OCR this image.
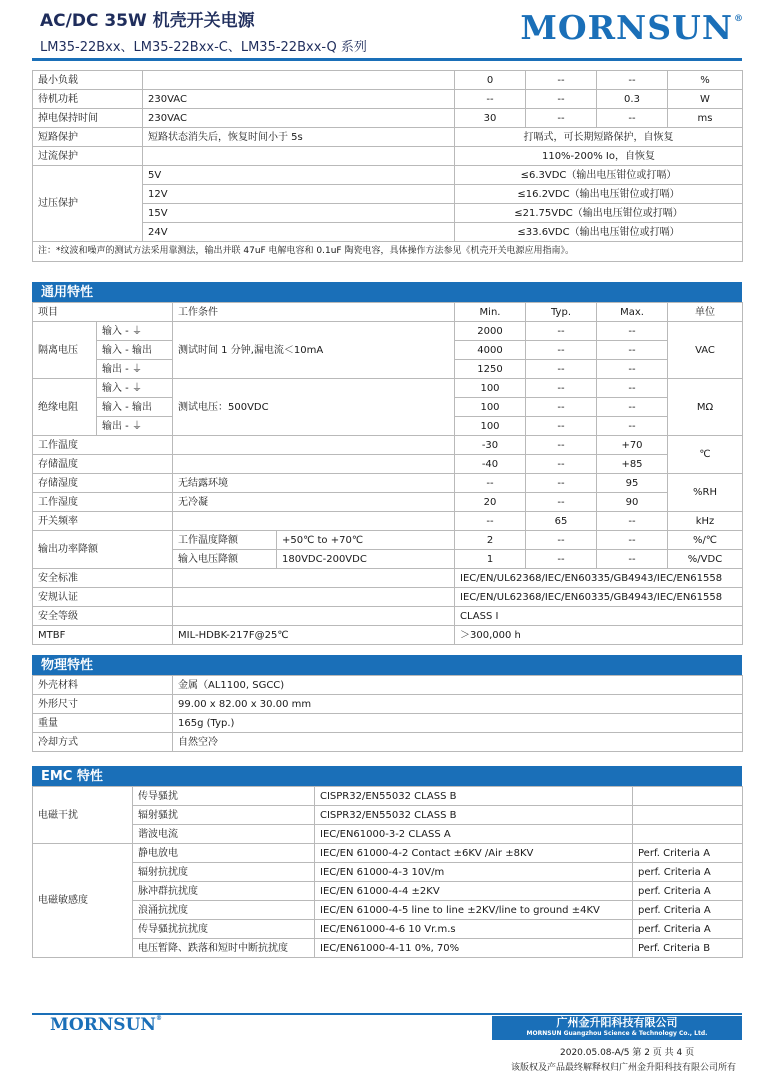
AC/DC 35W 机壳开关电源
LM35-22Bxx、LM35-22Bxx-C、LM35-22Bxx-Q 系列
MORNSUN®
最小负载		0	--	--	%
待机功耗	230VAC	--	--	0.3	W
掉电保持时间	230VAC	30	--	--	ms
短路保护	短路状态消失后，恢复时间小于 5s	打嗝式，可长期短路保护，自恢复			
过流保护		110%-200% Io，自恢复			
过压保护	5V	≤6.3VDC（输出电压钳位或打嗝）			
	12V	≤16.2VDC（输出电压钳位或打嗝）			
	15V	≤21.75VDC（输出电压钳位或打嗝）			
	24V	≤33.6VDC（输出电压钳位或打嗝）			
注：*纹波和噪声的测试方法采用靠测法，输出并联 47uF 电解电容和 0.1uF 陶瓷电容，具体操作方法参见《机壳开关电源应用指南》。					
通用特性
项目		工作条件		Min.	Typ.	Max.	单位
隔离电压	输入 - ⏚	测试时间 1 分钟,漏电流＜10mA		2000	--	--	VAC
	输入 - 输出			4000	--	--	
	输出 - ⏚			1250	--	--	
绝缘电阻	输入 - ⏚	测试电压：500VDC		100	--	--	MΩ
	输入 - 输出			100	--	--	
	输出 - ⏚			100	--	--	
工作温度				-30	--	+70	℃
存储温度				-40	--	+85	
存储湿度		无结露环境		--	--	95	%RH
工作湿度		无冷凝		20	--	90	
开关频率				--	65	--	kHz
输出功率降额		工作温度降额	+50℃ to +70℃	2	--	--	%/℃
		输入电压降额	180VDC-200VDC	1	--	--	%/VDC
安全标准				IEC/EN/UL62368/IEC/EN60335/GB4943/IEC/EN61558			
安规认证				IEC/EN/UL62368/IEC/EN60335/GB4943/IEC/EN61558			
安全等级				CLASS I			
MTBF		MIL-HDBK-217F@25℃		＞300,000 h			
物理特性
外壳材料	金属（AL1100, SGCC)
外形尺寸	99.00 x 82.00 x 30.00 mm
重量	165g (Typ.)
冷却方式	自然空冷
EMC 特性
电磁干扰	传导骚扰	CISPR32/EN55032 CLASS B	
	辐射骚扰	CISPR32/EN55032 CLASS B	
	谐波电流	IEC/EN61000-3-2 CLASS A	
电磁敏感度	静电放电	IEC/EN 61000-4-2 Contact ±6KV /Air ±8KV	Perf. Criteria A
	辐射抗扰度	IEC/EN 61000-4-3 10V/m	perf. Criteria A
	脉冲群抗扰度	IEC/EN 61000-4-4 ±2KV	perf. Criteria A
	浪涌抗扰度	IEC/EN 61000-4-5 line to line ±2KV/line to ground ±4KV	perf. Criteria A
	传导骚扰抗扰度	IEC/EN61000-4-6 10 Vr.m.s	perf. Criteria A
	电压暂降、跌落和短时中断抗扰度	IEC/EN61000-4-11 0%, 70%	Perf. Criteria B
MORNSUN®	广州金升阳科技有限公司
MORNSUN Guangzhou Science & Technology Co., Ltd.
2020.05.08-A/5 第 2 页 共 4 页
该版权及产品最终解释权归广州金升阳科技有限公司所有
